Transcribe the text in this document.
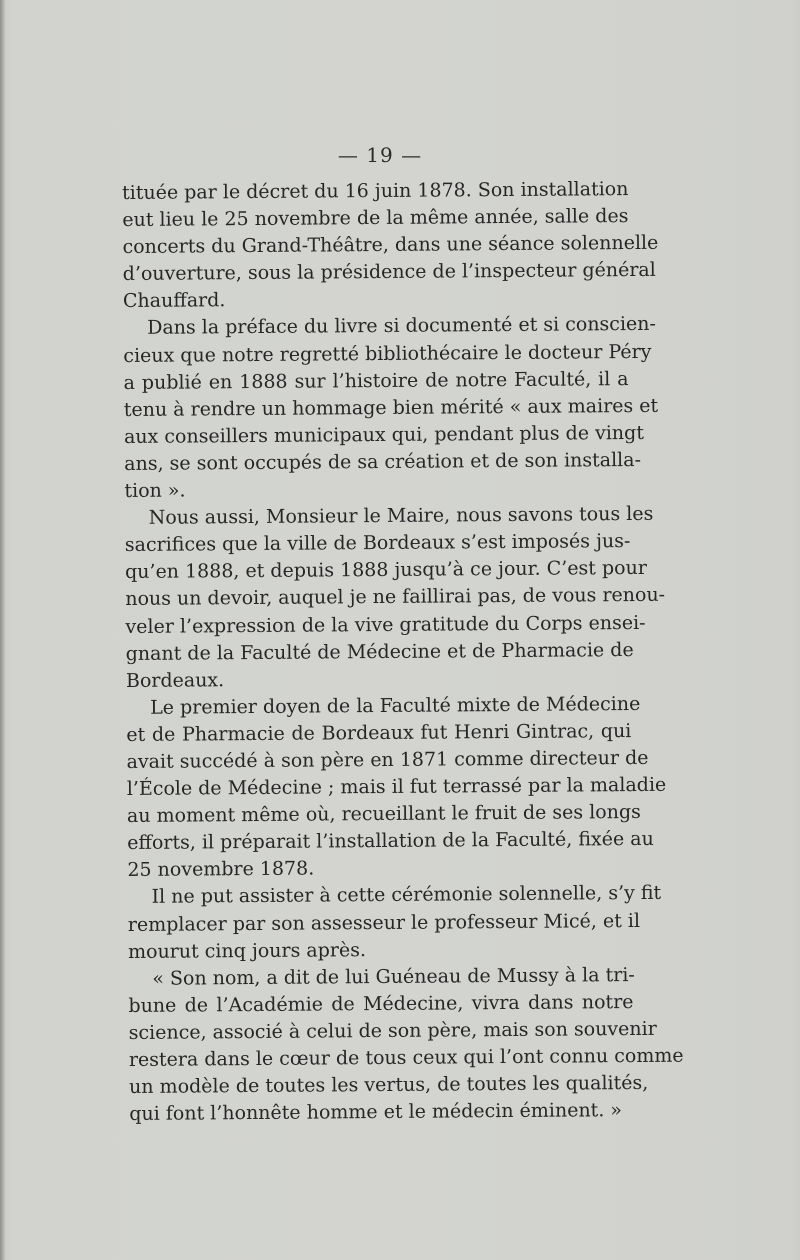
— 19 —
tituée par le décret du 16 juin 1878. Son installation
eut lieu le 25 novembre de la même année, salle des
concerts du Grand-Théâtre, dans une séance solennelle
d’ouverture, sous la présidence de l’inspecteur général
Chauffard.
Dans la préface du livre si documenté et si conscien-
cieux que notre regretté bibliothécaire le docteur Péry
a publié en 1888 sur l’histoire de notre Faculté, il a
tenu à rendre un hommage bien mérité « aux maires et
aux conseillers municipaux qui, pendant plus de vingt
ans, se sont occupés de sa création et de son installa-
tion ».
Nous aussi, Monsieur le Maire, nous savons tous les
sacrifices que la ville de Bordeaux s’est imposés jus-
qu’en 1888, et depuis 1888 jusqu’à ce jour. C’est pour
nous un devoir, auquel je ne faillirai pas, de vous renou-
veler l’expression de la vive gratitude du Corps ensei-
gnant de la Faculté de Médecine et de Pharmacie de
Bordeaux.
Le premier doyen de la Faculté mixte de Médecine
et de Pharmacie de Bordeaux fut Henri Gintrac, qui
avait succédé à son père en 1871 comme directeur de
l’École de Médecine ; mais il fut terrassé par la maladie
au moment même où, recueillant le fruit de ses longs
efforts, il préparait l’installation de la Faculté, fixée au
25 novembre 1878.
Il ne put assister à cette cérémonie solennelle, s’y fit
remplacer par son assesseur le professeur Micé, et il
mourut cinq jours après.
« Son nom, a dit de lui Guéneau de Mussy à la tri-
bune de l’Académie de Médecine, vivra dans notre
science, associé à celui de son père, mais son souvenir
restera dans le cœur de tous ceux qui l’ont connu comme
un modèle de toutes les vertus, de toutes les qualités,
qui font l’honnête homme et le médecin éminent. »
